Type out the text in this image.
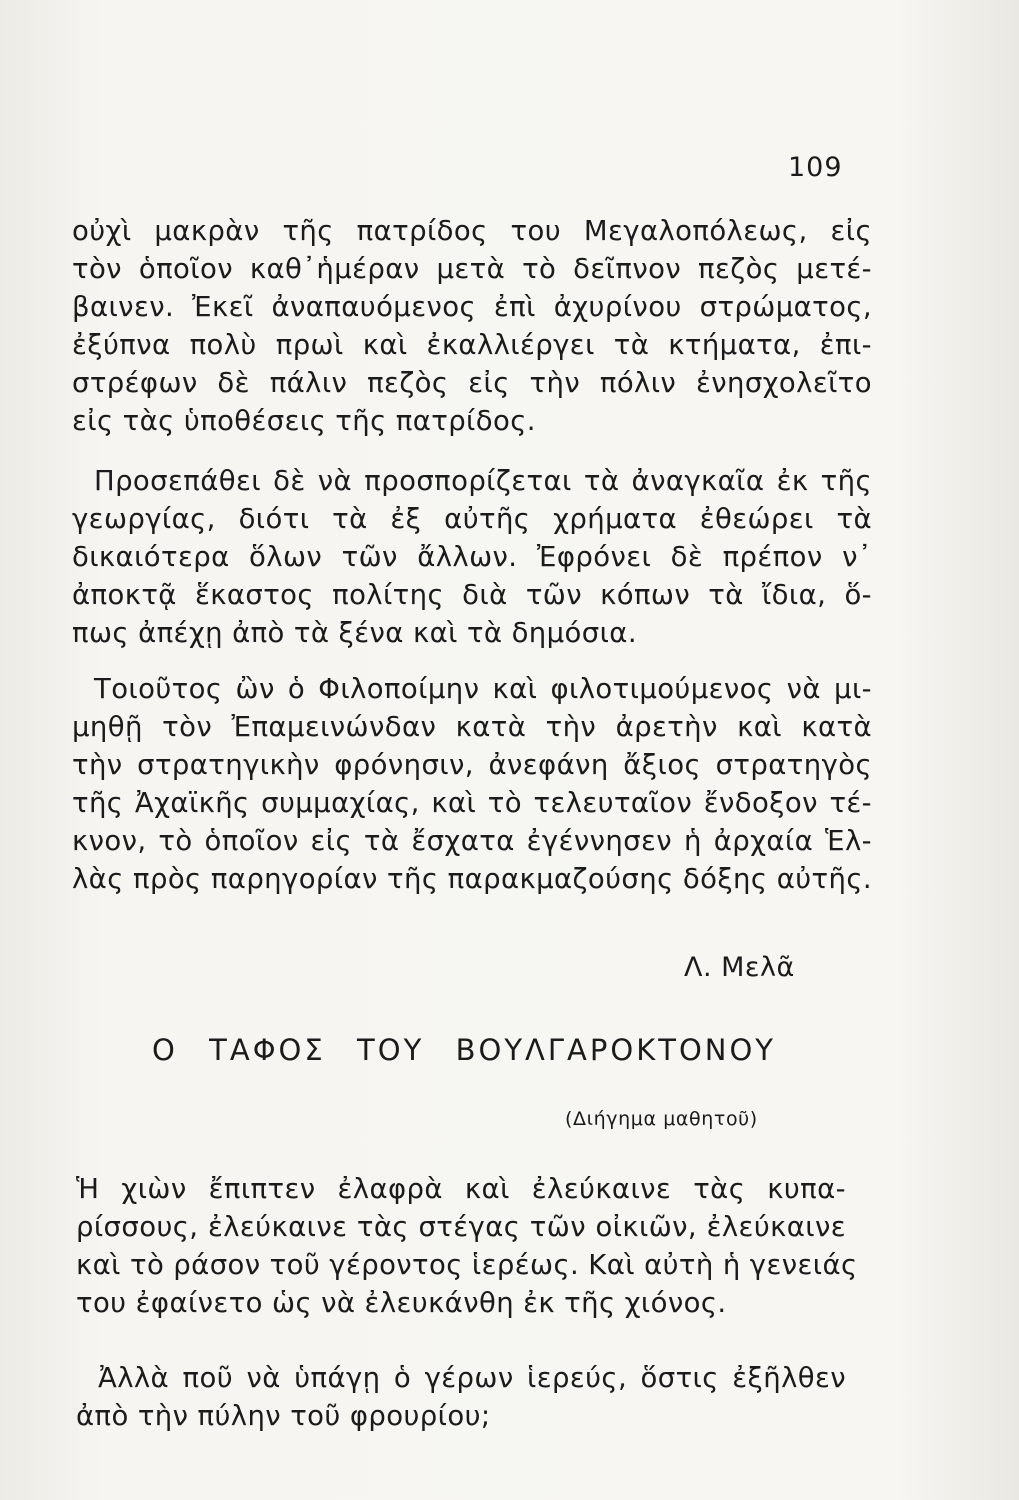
109
οὐχὶ μακρὰν τῆς πατρίδος του Μεγαλοπόλεως, εἰς
τὸν ὁποῖον καθ᾽ἡμέραν μετὰ τὸ δεῖπνον πεζὸς μετέ-
βαινεν. Ἐκεῖ ἀναπαυόμενος ἐπὶ ἀχυρίνου στρώματος,
ἐξύπνα πολὺ πρωὶ καὶ ἐκαλλιέργει τὰ κτήματα, ἐπι-
στρέφων δὲ πάλιν πεζὸς εἰς τὴν πόλιν ἐνησχολεῖτο
εἰς τὰς ὑποθέσεις τῆς πατρίδος.
Προσεπάθει δὲ νὰ προσπορίζεται τὰ ἀναγκαῖα ἐκ τῆς
γεωργίας, διότι τὰ ἐξ αὐτῆς χρήματα ἐθεώρει τὰ
δικαιότερα ὅλων τῶν ἄλλων. Ἐφρόνει δὲ πρέπον ν᾽
ἀποκτᾷ ἕκαστος πολίτης διὰ τῶν κόπων τὰ ἴδια, ὅ-
πως ἀπέχῃ ἀπὸ τὰ ξένα καὶ τὰ δημόσια.
Τοιοῦτος ὢν ὁ Φιλοποίμην καὶ φιλοτιμούμενος νὰ μι-
μηθῇ τὸν Ἐπαμεινώνδαν κατὰ τὴν ἀρετὴν καὶ κατὰ
τὴν στρατηγικὴν φρόνησιν, ἀνεφάνη ἄξιος στρατηγὸς
τῆς Ἀχαϊκῆς συμμαχίας, καὶ τὸ τελευταῖον ἔνδοξον τέ-
κνον, τὸ ὁποῖον εἰς τὰ ἔσχατα ἐγέννησεν ἡ ἀρχαία Ἑλ-
λὰς πρὸς παρηγορίαν τῆς παρακμαζούσης δόξης αὐτῆς.
Λ. Μελᾶ
Ο ΤΑΦΟΣ ΤΟΥ ΒΟΥΛΓΑΡΟΚΤΟΝΟΥ
(Διήγημα μαθητοῦ)
Ἡ χιὼν ἔπιπτεν ἐλαφρὰ καὶ ἐλεύκαινε τὰς κυπα-
ρίσσους, ἐλεύκαινε τὰς στέγας τῶν οἰκιῶν, ἐλεύκαινε
καὶ τὸ ράσον τοῦ γέροντος ἱερέως. Καὶ αὐτὴ ἡ γενειάς
του ἐφαίνετο ὡς νὰ ἐλευκάνθη ἐκ τῆς χιόνος.
Ἀλλὰ ποῦ νὰ ὑπάγῃ ὁ γέρων ἱερεύς, ὅστις ἐξῆλθεν
ἀπὸ τὴν πύλην τοῦ φρουρίου;
